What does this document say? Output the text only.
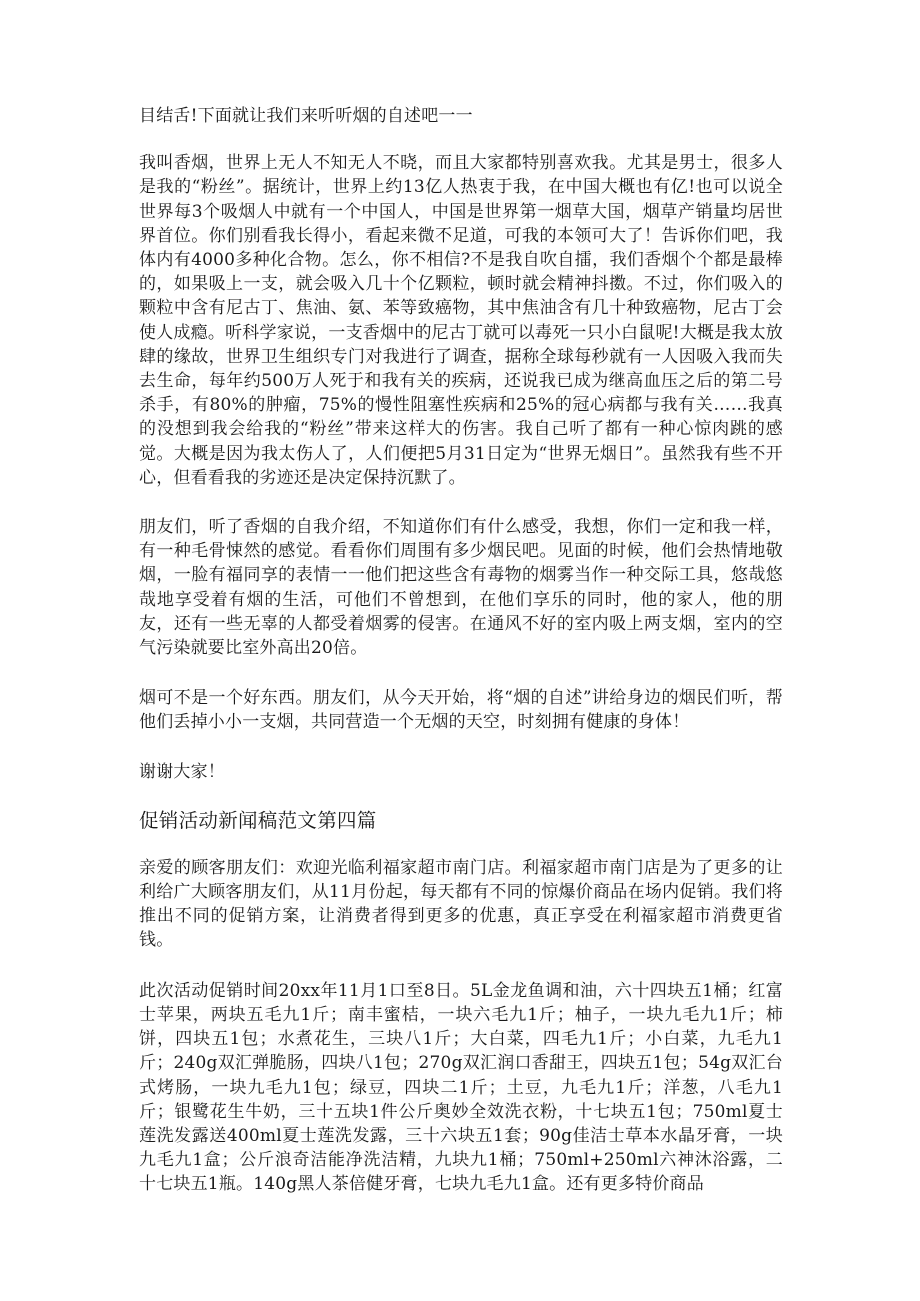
目结舌!下面就让我们来听听烟的自述吧一一

我叫香烟，世界上无人不知无人不晓，而且大家都特别喜欢我。尤其是男士，很多人是我的“粉丝”。据统计，世界上约13亿人热衷于我，在中国大概也有亿!也可以说全世界每3个吸烟人中就有一个中国人，中国是世界第一烟草大国，烟草产销量均居世界首位。你们别看我长得小，看起来微不足道，可我的本领可大了！告诉你们吧，我体内有4000多种化合物。怎么，你不相信?不是我自吹自擂，我们香烟个个都是最棒的，如果吸上一支，就会吸入几十个亿颗粒，顿时就会精神抖擞。不过，你们吸入的颗粒中含有尼古丁、焦油、氨、苯等致癌物，其中焦油含有几十种致癌物，尼古丁会使人成瘾。听科学家说，一支香烟中的尼古丁就可以毒死一只小白鼠呢!大概是我太放肆的缘故，世界卫生组织专门对我进行了调查，据称全球每秒就有一人因吸入我而失去生命，每年约500万人死于和我有关的疾病，还说我已成为继高血压之后的第二号杀手，有80%的肿瘤，75%的慢性阻塞性疾病和25%的冠心病都与我有关……我真的没想到我会给我的“粉丝”带来这样大的伤害。我自己听了都有一种心惊肉跳的感觉。大概是因为我太伤人了，人们便把5月31日定为“世界无烟日”。虽然我有些不开心，但看看我的劣迹还是决定保持沉默了。

朋友们，听了香烟的自我介绍，不知道你们有什么感受，我想，你们一定和我一样，有一种毛骨悚然的感觉。看看你们周围有多少烟民吧。见面的时候，他们会热情地敬烟，一脸有福同享的表情一一他们把这些含有毒物的烟雾当作一种交际工具，悠哉悠哉地享受着有烟的生活，可他们不曾想到，在他们享乐的同时，他的家人，他的朋友，还有一些无辜的人都受着烟雾的侵害。在通风不好的室内吸上两支烟，室内的空气污染就要比室外高出20倍。

烟可不是一个好东西。朋友们，从今天开始，将“烟的自述”讲给身边的烟民们听，帮他们丢掉小小一支烟，共同营造一个无烟的天空，时刻拥有健康的身体！

谢谢大家！

促销活动新闻稿范文第四篇

亲爱的顾客朋友们：欢迎光临利福家超市南门店。利福家超市南门店是为了更多的让利给广大顾客朋友们，从11月份起，每天都有不同的惊爆价商品在场内促销。我们将推出不同的促销方案，让消费者得到更多的优惠，真正享受在利福家超市消费更省钱。

此次活动促销时间20xx年11月1口至8日。5L金龙鱼调和油，六十四块五1桶；红富士苹果，两块五毛九1斤；南丰蜜桔，一块六毛九1斤；柚子，一块九毛九1斤；柿饼，四块五1包；水煮花生，三块八1斤；大白菜，四毛九1斤；小白菜，九毛九1斤；240g双汇弹脆肠，四块八1包；270g双汇润口香甜王，四块五1包；54g双汇台式烤肠，一块九毛九1包；绿豆，四块二1斤；土豆，九毛九1斤；洋葱，八毛九1斤；银鹭花生牛奶，三十五块1件公斤奥妙全效洗衣粉，十七块五1包；750ml夏士莲洗发露送400ml夏士莲洗发露，三十六块五1套；90g佳洁士草本水晶牙膏，一块九毛九1盒；公斤浪奇洁能净洗洁精，九块九1桶；750ml+250ml六神沐浴露，二十七块五1瓶。140g黑人茶倍健牙膏，七块九毛九1盒。还有更多特价商品
